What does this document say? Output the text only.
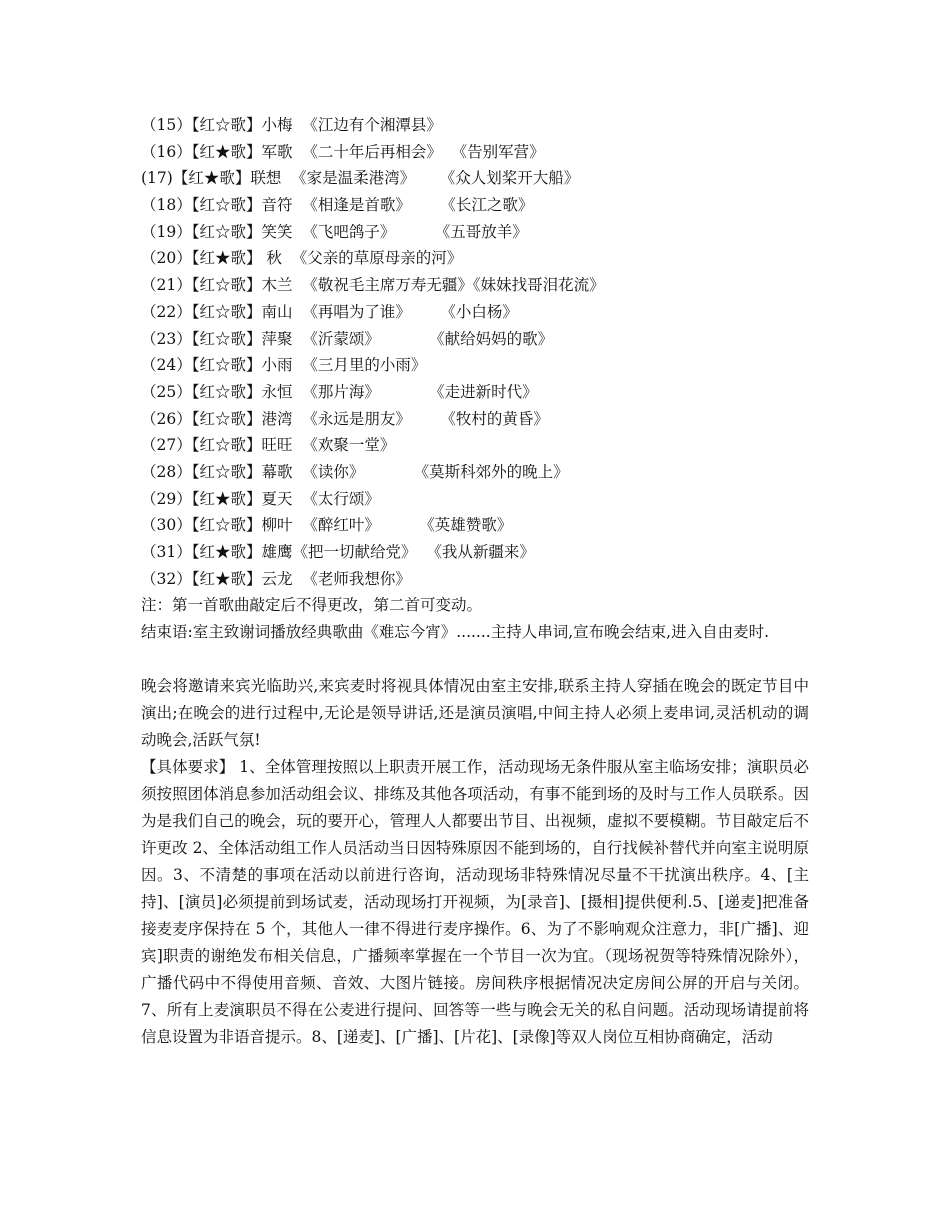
（15）【红☆歌】小梅  《江边有个湘潭县》
（16）【红★歌】军歌  《二十年后再相会》  《告别军营》
(17)【红★歌】联想  《家是温柔港湾》     《众人划桨开大船》
（18）【红☆歌】音符  《相逢是首歌》      《长江之歌》
（19）【红☆歌】笑笑  《飞吧鸽子》        《五哥放羊》
（20）【红★歌】 秋  《父亲的草原母亲的河》
（21）【红☆歌】木兰  《敬祝毛主席万寿无疆》《妹妹找哥泪花流》
（22）【红☆歌】南山  《再唱为了谁》      《小白杨》
（23）【红☆歌】萍聚  《沂蒙颂》          《献给妈妈的歌》
（24）【红☆歌】小雨  《三月里的小雨》
（25）【红☆歌】永恒  《那片海》          《走进新时代》
（26）【红☆歌】港湾  《永远是朋友》      《牧村的黄昏》
（27）【红☆歌】旺旺  《欢聚一堂》
（28）【红☆歌】幕歌  《读你》          《莫斯科郊外的晚上》
（29）【红★歌】夏天  《太行颂》
（30）【红☆歌】柳叶  《醉红叶》        《英雄赞歌》
（31）【红★歌】雄鹰《把一切献给党》  《我从新疆来》
（32）【红★歌】云龙  《老师我想你》

注：第一首歌曲敲定后不得更改，第二首可变动。

结束语:室主致谢词播放经典歌曲《难忘今宵》.......主持人串词,宣布晚会结束,进入自由麦时.

晚会将邀请来宾光临助兴,来宾麦时将视具体情况由室主安排,联系主持人穿插在晚会的既定节目中演出;在晚会的进行过程中,无论是领导讲话,还是演员演唱,中间主持人必须上麦串词,灵活机动的调动晚会,活跃气氛!

【具体要求】 1、全体管理按照以上职责开展工作，活动现场无条件服从室主临场安排；演职员必须按照团体消息参加活动组会议、排练及其他各项活动，有事不能到场的及时与工作人员联系。因为是我们自己的晚会，玩的要开心，管理人人都要出节目、出视频，虚拟不要模糊。节目敲定后不许更改 2、全体活动组工作人员活动当日因特殊原因不能到场的，自行找候补替代并向室主说明原因。3、不清楚的事项在活动以前进行咨询，活动现场非特殊情况尽量不干扰演出秩序。4、[主持]、[演员]必须提前到场试麦，活动现场打开视频，为[录音]、[摄相]提供便利.5、[递麦]把准备接麦麦序保持在 5 个，其他人一律不得进行麦序操作。6、为了不影响观众注意力，非[广播]、迎宾]职责的谢绝发布相关信息，广播频率掌握在一个节目一次为宜。（现场祝贺等特殊情况除外），广播代码中不得使用音频、音效、大图片链接。房间秩序根据情况决定房间公屏的开启与关闭。7、所有上麦演职员不得在公麦进行提问、回答等一些与晚会无关的私自问题。活动现场请提前将信息设置为非语音提示。8、[递麦]、[广播]、[片花]、[录像]等双人岗位互相协商确定，活动
